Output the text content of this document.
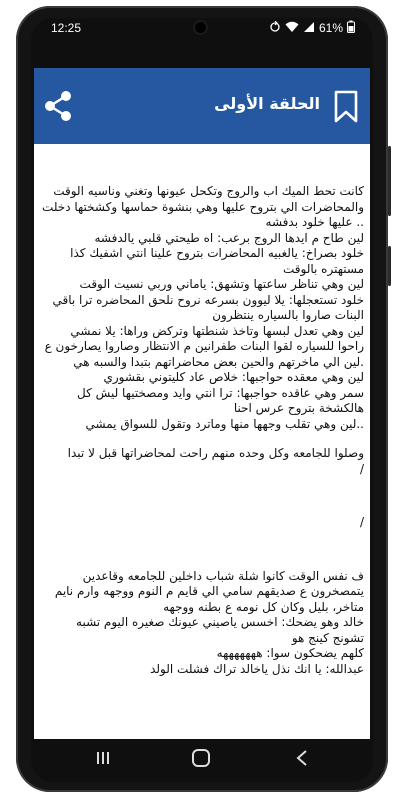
12:25	61%
الحلقة الأولى

كانت تحط الميك اب والروج وتكحل عيونها وتغني وناسيه الوقت

والمحاضرات الي بتروح عليها وهي بنشوة حماسها وكشختها دخلت

.. عليها خلود بدفشه

لين طاح م ايدها الروج برعب: اه طيحتي قلبي يالدفشه

خلود بصراخ: يالغبيه المحاضرات بتروح علينا انتي اشفيك كذا

مستهتره بالوقت

لين وهي تناظر ساعتها وتشهق: ياماني وربي نسيت الوقت

خلود تستعجلها: يلا ليوون بسرعه نروح نلحق المحاضره ترا باقي

البنات صاروا بالسياره ينتظرون

لين وهي تعدل لبسها وتاخذ شنطتها وتركض وراها: يلا نمشي

راحوا للسياره لقوا البنات طفرانين م الانتظار وصاروا يصارخون ع

.لين الي ماخرتهم والحين بعض محاضراتهم بتبدا والسبه هي

لين وهي معقده حواجبها: خلاص عاد كليتوني بقشوري

سمر وهي عاقده حواجبها: ترا انتي وايد ومصختيها ليش كل

هالكشخة بتروح عرس احنا

..لين وهي تقلب وجهها منها وماترد وتقول للسواق يمشي

وصلوا للجامعه وكل وحده منهم راحت لمحاضراتها قبل لا تبدا

/

/

ف نفس الوقت كانوا شلة شباب داخلين للجامعه وقاعدين

يتمصخرون ع صديقهم سامي الي قايم م النوم ووجهه وارم نايم

متاخر، بليل وكان كل نومه ع بطنه ووجهه

خالد وهو يضحك: اخسس ياصيني عيونك صغيره اليوم تشبه

تشونج كينج هو

كلهم يضحكون سوا: هههههههه

عبدالله: يا انك نذل ياخالد تراك فشلت الولد
